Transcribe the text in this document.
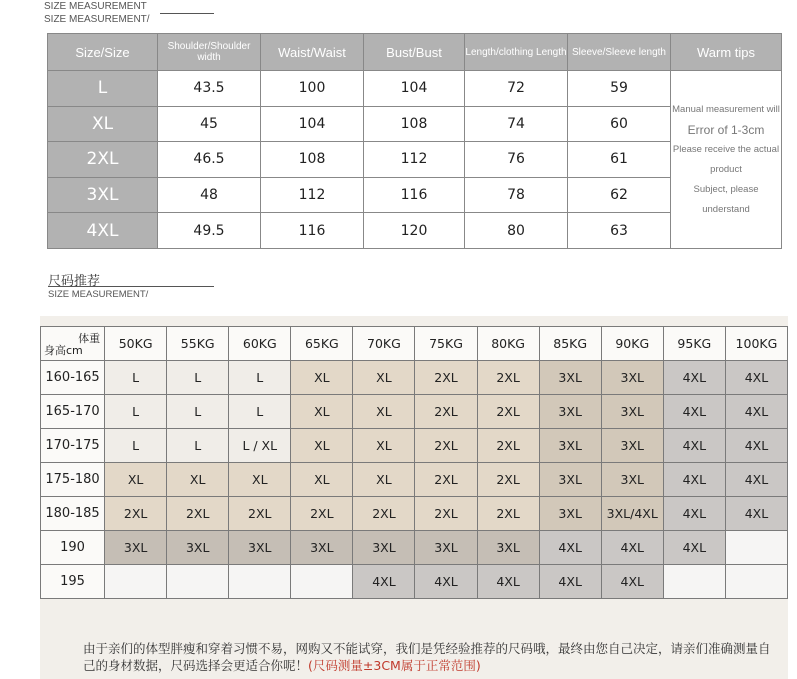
SIZE MEASUREMENT
SIZE MEASUREMENT/
Size/Size	Shoulder/Shoulder width	Waist/Waist	Bust/Bust	Length/clothing Length	Sleeve/Sleeve length	Warm tips
L	43.5	100	104	72	59	Manual measurement will
Error of 1-3cm
Please receive the actual product
Subject, please understand

XL	45	104	108	74	60	
2XL	46.5	108	112	76	61	
3XL	48	112	116	78	62	
4XL	49.5	116	120	80	63	
尺码推荐
SIZE MEASUREMENT/
体重
身高cm	50KG	55KG	60KG	65KG	70KG	75KG	80KG	85KG	90KG	95KG	100KG
160-165	L	L	L	XL	XL	2XL	2XL	3XL	3XL	4XL	4XL
165-170	L	L	L	XL	XL	2XL	2XL	3XL	3XL	4XL	4XL
170-175	L	L	L / XL	XL	XL	2XL	2XL	3XL	3XL	4XL	4XL
175-180	XL	XL	XL	XL	XL	2XL	2XL	3XL	3XL	4XL	4XL
180-185	2XL	2XL	2XL	2XL	2XL	2XL	2XL	3XL	3XL/4XL	4XL	4XL
190	3XL	3XL	3XL	3XL	3XL	3XL	3XL	4XL	4XL	4XL	
195					4XL	4XL	4XL	4XL	4XL		
由于亲们的体型胖瘦和穿着习惯不易，网购又不能试穿，我们是凭经验推荐的尺码哦，最终由您自己决定，请亲们准确测量自己的身材数据，尺码选择会更适合你呢！(尺码测量±3CM属于正常范围)
